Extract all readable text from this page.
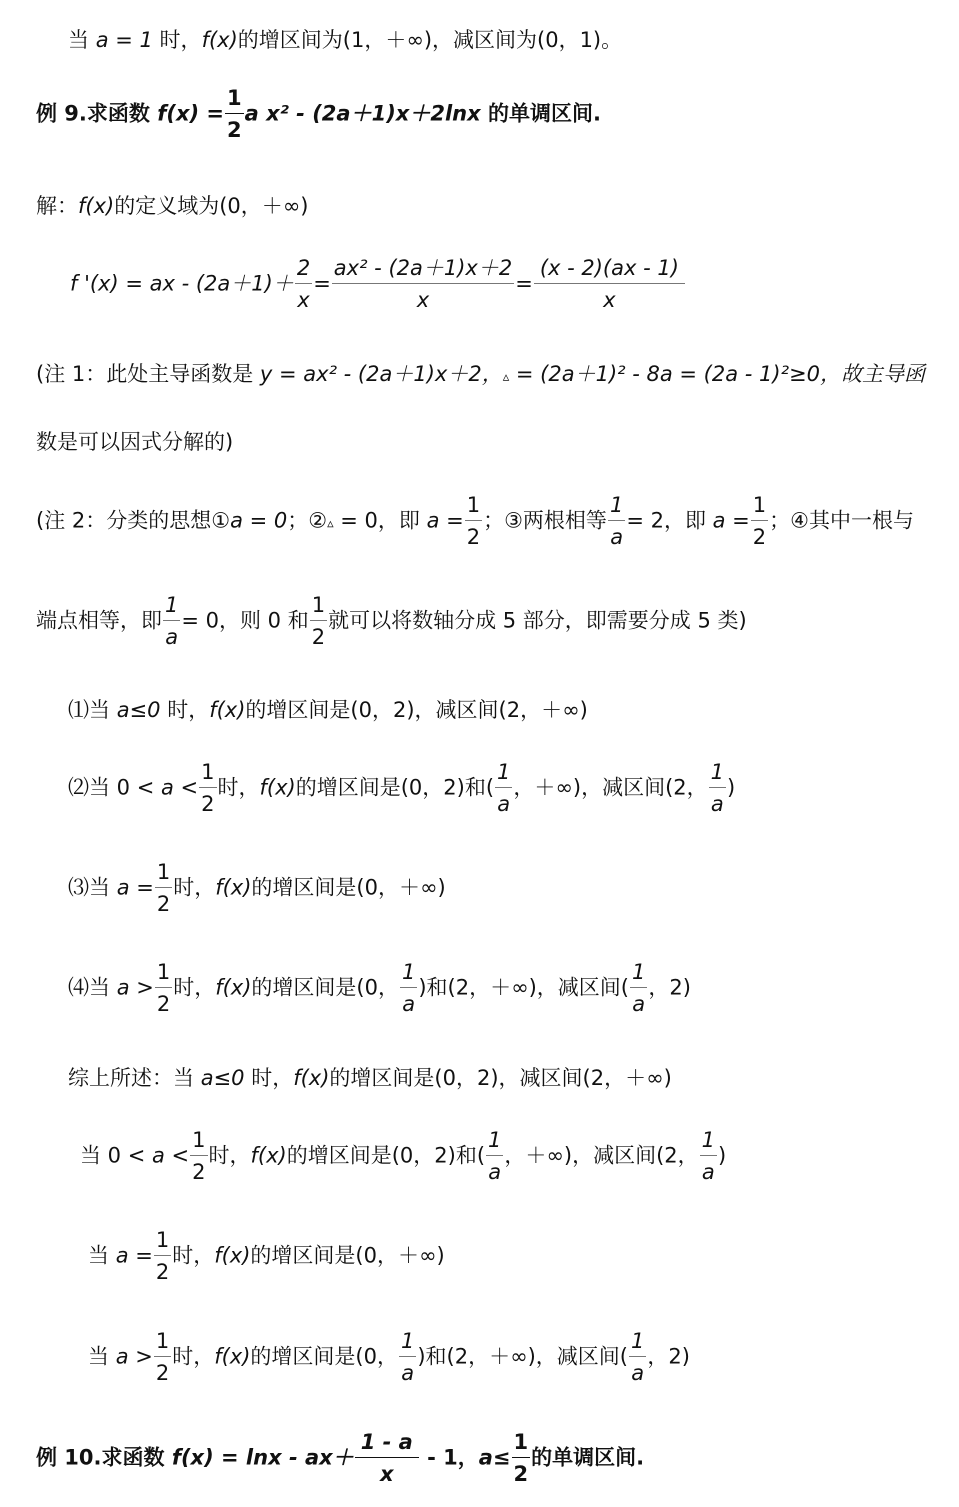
当 a = 1 时，f(x)的增区间为(1，＋∞)，减区间为(0，1)。
例 9.求函数 $f(x) = \frac{1}{2}$ a x² - (2a＋1)x＋2lnx 的单调区间.
解：f(x)的定义域为(0，＋∞)
f '(x) = ax - $(2a+1)+ \frac{2}{x} = \frac{\text{ax² - (2a＋1)x＋2}}{x} = \frac{(x - 2)(ax - 1)}{x}$
(注 1：此处主导函数是 y = ax² - (2a＋1)x＋2，▵ = (2a＋1)² - 8a = (2a - 1)²≥0，故主导函
数是可以因式分解的)
(注 2：分类的思想①a = 0；②▵ = 0，即 $a = \frac{1}{2}$ ；③两根相等 $\frac{1}{a} = 2$，即 $a = \frac{1}{2}$ ；④其中一根与
端点相等，即 $\frac{1}{a} = 0$，则 0 和 $\frac{1}{2}$ 就可以将数轴分成 5 部分，即需要分成 5 类)
⑴当 a≤0 时，f(x)的增区间是(0，2)，减区间(2，＋∞)
⑵当 $0 < a < \frac{1}{2}$ 时，f(x)的增区间是(0，2)和( $\frac{1}{a}$ ，＋∞)，减区间(2， $\frac{1}{a}$ )
⑶当 $a = \frac{1}{2}$ 时，f(x)的增区间是(0，＋∞)
⑷当 $a > \frac{1}{2}$ 时，f(x)的增区间是(0， $\frac{1}{a}$ )和(2，＋∞)，减区间( $\frac{1}{a}$ ，2)
综上所述：当 a≤0 时，f(x)的增区间是(0，2)，减区间(2，＋∞)
当 $0 < a < \frac{1}{2}$ 时，f(x)的增区间是(0，2)和( $\frac{1}{a}$ ，＋∞)，减区间(2， $\frac{1}{a}$ )
当 $a = \frac{1}{2}$ 时，f(x)的增区间是(0，＋∞)
当 $a > \frac{1}{2}$ 时，f(x)的增区间是(0， $\frac{1}{a}$ )和(2，＋∞)，减区间( $\frac{1}{a}$ ，2)
例 10.求函数 $f(x) = \ln x - ax+ \frac{1 - a}{x} - 1$，$a\le \frac{1}{2}$ 的单调区间.
